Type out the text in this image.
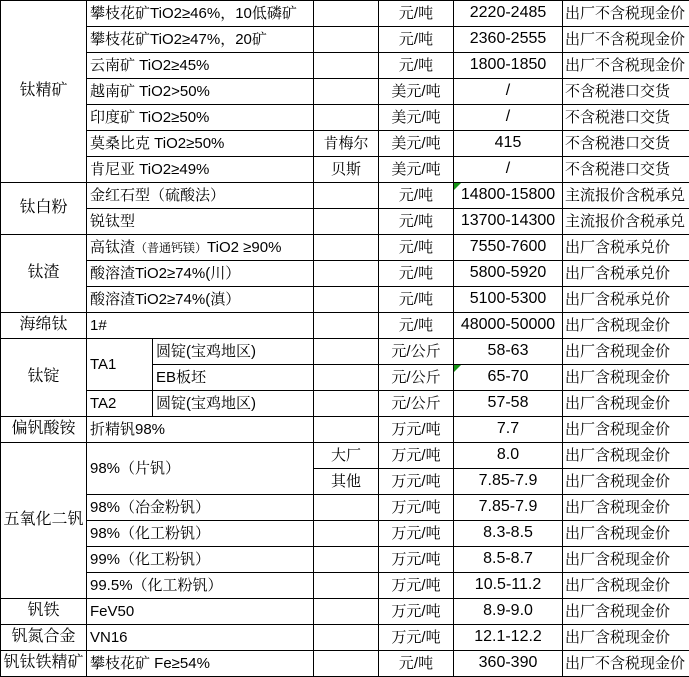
钛精矿	攀枝花矿TiO2≥46%，10低磷矿			元/吨	2220-2485	出厂不含税现金价
	攀枝花矿TiO2≥47%，20矿			元/吨	2360-2555	出厂不含税现金价
	云南矿 TiO2≥45%			元/吨	1800-1850	出厂不含税现金价
	越南矿 TiO2>50%			美元/吨	/	不含税港口交货
	印度矿 TiO2≥50%			美元/吨	/	不含税港口交货
	莫桑比克 TiO2≥50%		肯梅尔	美元/吨	415	不含税港口交货
	肯尼亚 TiO2≥49%		贝斯	美元/吨	/	不含税港口交货
钛白粉	金红石型（硫酸法）			元/吨	14800-15800	主流报价含税承兑
	锐钛型			元/吨	13700-14300	主流报价含税承兑
钛渣	高钛渣（普通钙镁）TiO2 ≥90%			元/吨	7550-7600	出厂含税承兑价
	酸溶渣TiO2≥74%(川）			元/吨	5800-5920	出厂含税承兑价
	酸溶渣TiO2≥74%(滇）			元/吨	5100-5300	出厂含税承兑价
海绵钛	1#			元/吨	48000-50000	出厂含税现金价
钛锭	TA1	圆锭(宝鸡地区)		元/公斤	58-63	出厂含税现金价
		EB板坯		元/公斤	65-70	出厂含税现金价
	TA2	圆锭(宝鸡地区)		元/公斤	57-58	出厂含税现金价
偏钒酸铵	折精钒98%			万元/吨	7.7	出厂含税现金价
五氧化二钒	98%（片钒）		大厂	万元/吨	8.0	出厂含税现金价
			其他	万元/吨	7.85-7.9	出厂含税现金价
	98%（冶金粉钒）			万元/吨	7.85-7.9	出厂含税现金价
	98%（化工粉钒）			万元/吨	8.3-8.5	出厂含税现金价
	99%（化工粉钒）			万元/吨	8.5-8.7	出厂含税现金价
	99.5%（化工粉钒）			万元/吨	10.5-11.2	出厂含税现金价
钒铁	FeV50			万元/吨	8.9-9.0	出厂含税现金价
钒氮合金	VN16			万元/吨	12.1-12.2	出厂含税现金价
钒钛铁精矿	攀枝花矿 Fe≥54%			元/吨	360-390	出厂不含税现金价
